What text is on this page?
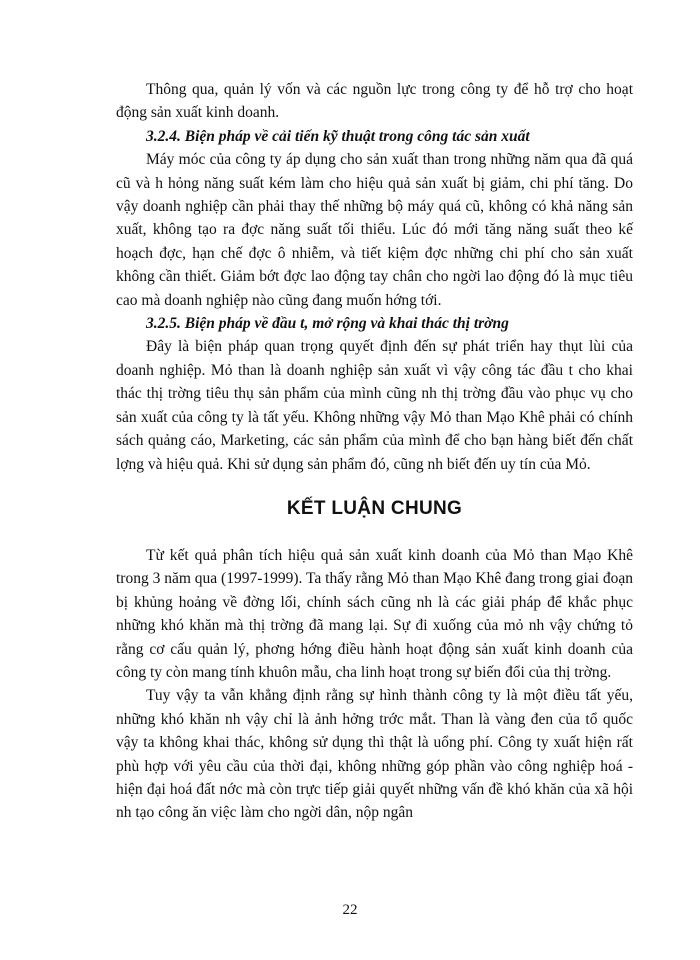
Thông qua, quản lý vốn và các nguồn lực trong công ty để hỗ trợ cho hoạt động sản xuất kinh doanh.

3.2.4. Biện pháp về cải tiến kỹ thuật trong công tác sản xuất

Máy móc của công ty áp dụng cho sản xuất than trong những năm qua đã quá cũ và h hỏng năng suất kém làm cho hiệu quả sản xuất bị giảm, chi phí tăng. Do vậy doanh nghiệp cần phải thay thế những bộ máy quá cũ, không có khả năng sản xuất, không tạo ra đợc năng suất tối thiểu. Lúc đó mới tăng năng suất theo kế hoạch đợc, hạn chế đợc ô nhiễm, và tiết kiệm đợc những chi phí cho sản xuất không cần thiết. Giảm bớt đợc lao động tay chân cho ngời lao động đó là mục tiêu cao mà doanh nghiệp nào cũng đang muốn hớng tới.

3.2.5. Biện pháp về đầu t, mở rộng và khai thác thị trờng

Đây là biện pháp quan trọng quyết định đến sự phát triển hay thụt lùi của doanh nghiệp. Mỏ than là doanh nghiệp sản xuất vì vậy công tác đầu t cho khai thác thị trờng tiêu thụ sản phẩm của mình cũng nh thị trờng đầu vào phục vụ cho sản xuất của công ty là tất yếu. Không những vậy Mỏ than Mạo Khê phải có chính sách quảng cáo, Marketing, các sản phẩm của mình để cho bạn hàng biết đến chất lợng và hiệu quả. Khi sử dụng sản phẩm đó, cũng nh biết đến uy tín của Mỏ.

KẾT LUẬN CHUNG

Từ kết quả phân tích hiệu quả sản xuất kinh doanh của Mỏ than Mạo Khê trong 3 năm qua (1997-1999). Ta thấy rằng Mỏ than Mạo Khê đang trong giai đoạn bị khủng hoảng về đờng lối, chính sách cũng nh là các giải pháp để khắc phục những khó khăn mà thị trờng đã mang lại. Sự đi xuống của mỏ nh vậy chứng tỏ rằng cơ cấu quản lý, phơng hớng điều hành hoạt động sản xuất kinh doanh của công ty còn mang tính khuôn mẫu, cha linh hoạt trong sự biến đổi của thị trờng.

Tuy vậy ta vẫn khẳng định rằng sự hình thành công ty là một điều tất yếu, những khó khăn nh vậy chỉ là ảnh hởng trớc mắt. Than là vàng đen của tổ quốc vậy ta không khai thác, không sử dụng thì thật là uổng phí. Công ty xuất hiện rất phù hợp với yêu cầu của thời đại, không những góp phần vào công nghiệp hoá -hiện đại hoá đất nớc mà còn trực tiếp giải quyết những vấn đề khó khăn của xã hội nh tạo công ăn việc làm cho ngời dân, nộp ngân

22
